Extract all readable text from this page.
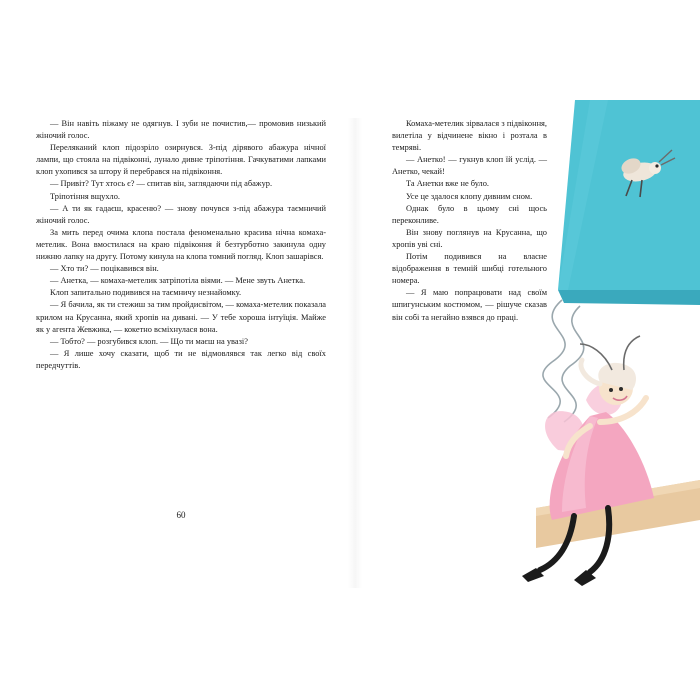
— Він навіть піжаму не одягнув. І зуби не почистив,— промовив низький жіночий голос.

Переляканий клоп підозріло озирнувся. З-під дірявого абажура нічної лампи, що стояла на підвіконні, лунало дивне тріпотіння. Гачкуватими лапками клоп ухопився за штору й перебрався на підвіконня.

— Привіт? Тут хтось є? — спитав він, заглядаючи під абажур.

Тріпотіння вщухло.

— А ти як гадаєш, красеню? — знову почувся з-під абажура таємничий жіночий голос.

За мить перед очима клопа постала феноменально красива нічна комаха-метелик. Вона вмостилася на краю підвіконня й безтурботно закинула одну нижню лапку на другу. Потому кинула на клопа томний погляд. Клоп зашарівся.

— Хто ти? — поцікавився він.

— Анетка, — комаха-метелик затріпотіла віями. — Мене звуть Анетка.

Клоп запитально подивився на таємничу незнайомку.

— Я бачила, як ти стежиш за тим пройдисвітом, — комаха-метелик показала крилом на Крусанна, який хропів на дивані. — У тебе хороша інтуїція. Майже як у агента Жевжика, — кокетно всміхнулася вона.

— Тобто? — розгубився клоп. — Що ти маєш на увазі?

— Я лише хочу сказати, щоб ти не відмовлявся так легко від своїх передчуттів.

60

Комаха-метелик зірвалася з підвіконня, вилетіла у відчинене вікно і розтала в темряві.

— Анетко! — гукнув клоп їй услід. — Анетко, чекай!

Та Анетки вже не було.

Усе це здалося клопу дивним сном.

Однак було в цьому сні щось переконливе.

Він знову поглянув на Крусанна, що хропів уві сні.

Потім подивився на власне відображення в темній шибці готельного номера.

— Я маю попрацювати над своїм шпигунським костюмом, — рішуче сказав він собі та негайно взявся до праці.
